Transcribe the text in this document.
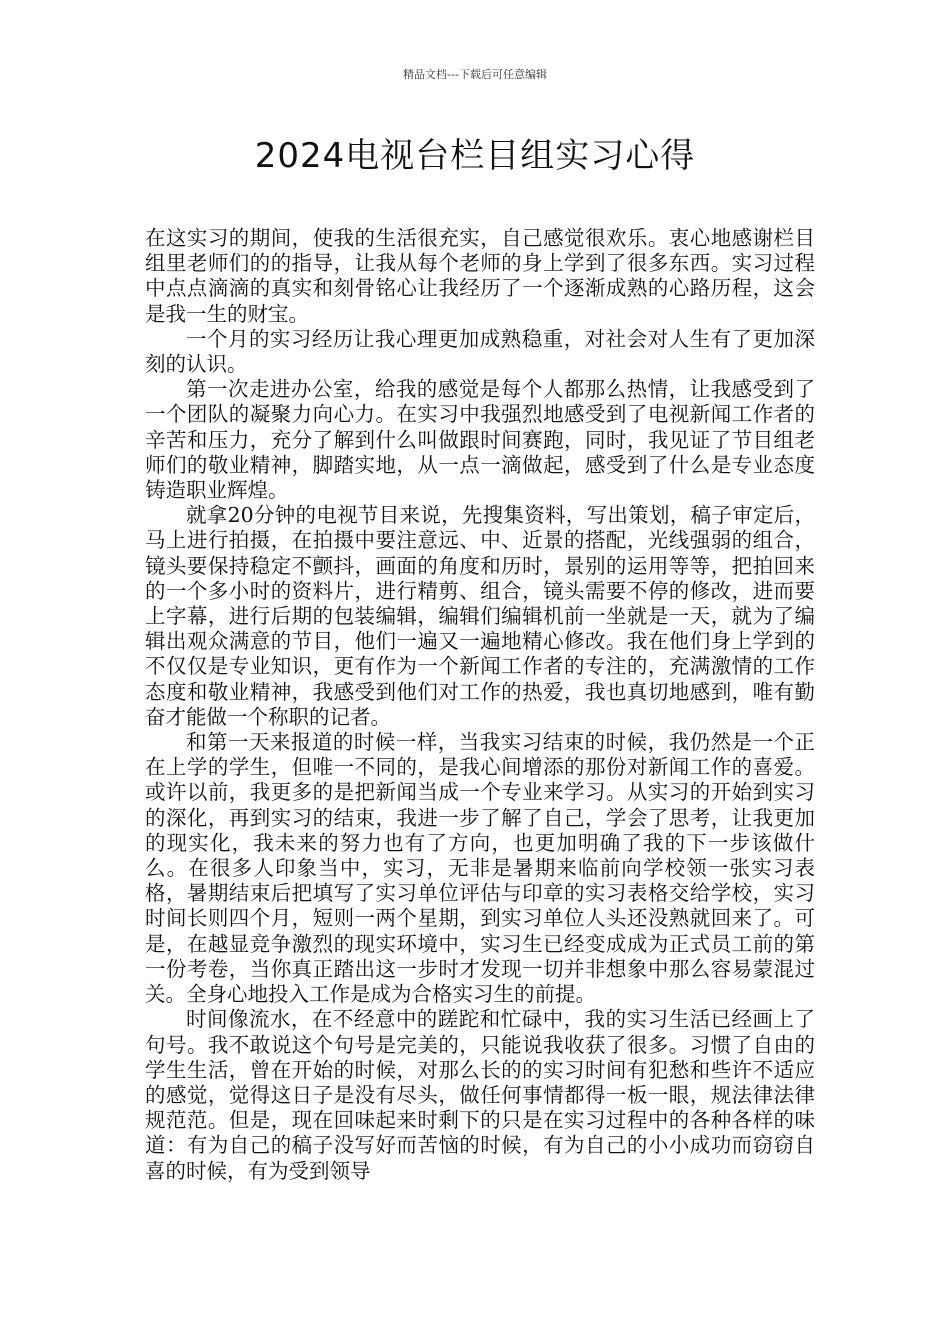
精品文档---下载后可任意编辑
2024电视台栏目组实习心得

在这实习的期间，使我的生活很充实，自己感觉很欢乐。衷心地感谢栏目组里老师们的的指导，让我从每个老师的身上学到了很多东西。实习过程中点点滴滴的真实和刻骨铭心让我经历了一个逐渐成熟的心路历程，这会是我一生的财宝。

一个月的实习经历让我心理更加成熟稳重，对社会对人生有了更加深刻的认识。

第一次走进办公室，给我的感觉是每个人都那么热情，让我感受到了一个团队的凝聚力向心力。在实习中我强烈地感受到了电视新闻工作者的辛苦和压力，充分了解到什么叫做跟时间赛跑，同时，我见证了节目组老师们的敬业精神，脚踏实地，从一点一滴做起，感受到了什么是专业态度铸造职业辉煌。

就拿20分钟的电视节目来说，先搜集资料，写出策划，稿子审定后，马上进行拍摄，在拍摄中要注意远、中、近景的搭配，光线强弱的组合，镜头要保持稳定不颤抖，画面的角度和历时，景别的运用等等，把拍回来的一个多小时的资料片，进行精剪、组合，镜头需要不停的修改，进而要上字幕，进行后期的包装编辑，编辑们编辑机前一坐就是一天，就为了编辑出观众满意的节目，他们一遍又一遍地精心修改。我在他们身上学到的不仅仅是专业知识，更有作为一个新闻工作者的专注的，充满激情的工作态度和敬业精神，我感受到他们对工作的热爱，我也真切地感到，唯有勤奋才能做一个称职的记者。

和第一天来报道的时候一样，当我实习结束的时候，我仍然是一个正在上学的学生，但唯一不同的，是我心间增添的那份对新闻工作的喜爱。或许以前，我更多的是把新闻当成一个专业来学习。从实习的开始到实习的深化，再到实习的结束，我进一步了解了自己，学会了思考，让我更加的现实化，我未来的努力也有了方向，也更加明确了我的下一步该做什么。在很多人印象当中，实习，无非是暑期来临前向学校领一张实习表格，暑期结束后把填写了实习单位评估与印章的实习表格交给学校，实习时间长则四个月，短则一两个星期，到实习单位人头还没熟就回来了。可是，在越显竞争激烈的现实环境中，实习生已经变成成为正式员工前的第一份考卷，当你真正踏出这一步时才发现一切并非想象中那么容易蒙混过关。全身心地投入工作是成为合格实习生的前提。

时间像流水，在不经意中的蹉跎和忙碌中，我的实习生活已经画上了句号。我不敢说这个句号是完美的，只能说我收获了很多。习惯了自由的学生生活，曾在开始的时候，对那么长的的实习时间有犯愁和些许不适应的感觉，觉得这日子是没有尽头，做任何事情都得一板一眼，规法律法律规范范。但是，现在回味起来时剩下的只是在实习过程中的各种各样的味道：有为自己的稿子没写好而苦恼的时候，有为自己的小小成功而窃窃自喜的时候，有为受到领导
